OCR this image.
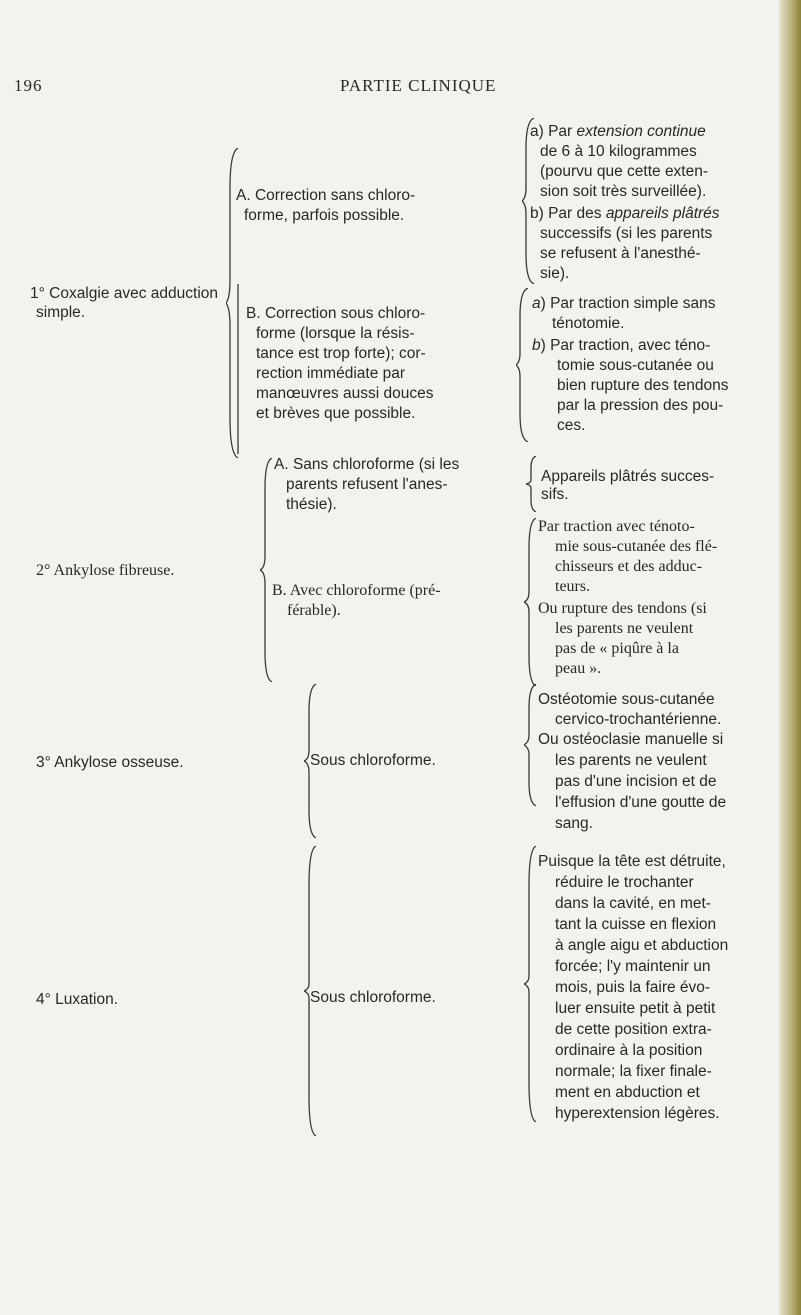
196	PARTIE CLINIQUE
1° Coxalgie avec adduction
simple.
A. Correction sans chloro-
forme, parfois possible.
a) Par extension continue
de 6 à 10 kilogrammes
(pourvu que cette exten-
sion soit très surveillée).
b) Par des appareils plâtrés
successifs (si les parents
se refusent à l'anesthé-
sie).
B. Correction sous chloro-
forme (lorsque la résis-
tance est trop forte); cor-
rection immédiate par
manœuvres aussi douces
et brèves que possible.
a) Par traction simple sans
ténotomie.
b) Par traction, avec téno-
tomie sous-cutanée ou
bien rupture des tendons
par la pression des pou-
ces.
2° Ankylose fibreuse.
A. Sans chloroforme (si les
parents refusent l'anes-
thésie).
Appareils plâtrés succes-
sifs.
B. Avec chloroforme (pré-
férable).
Par traction avec ténoto-
mie sous-cutanée des flé-
chisseurs et des adduc-
teurs.
Ou rupture des tendons (si
les parents ne veulent
pas de « piqûre à la
peau ».
3° Ankylose osseuse.	Sous chloroforme.
Ostéotomie sous-cutanée
cervico-trochantérienne.
Ou ostéoclasie manuelle si
les parents ne veulent
pas d'une incision et de
l'effusion d'une goutte de
sang.
4° Luxation.	Sous chloroforme.
Puisque la tête est détruite,
réduire le trochanter
dans la cavité, en met-
tant la cuisse en flexion
à angle aigu et abduction
forcée; l'y maintenir un
mois, puis la faire évo-
luer ensuite petit à petit
de cette position extra-
ordinaire à la position
normale; la fixer finale-
ment en abduction et
hyperextension légères.
